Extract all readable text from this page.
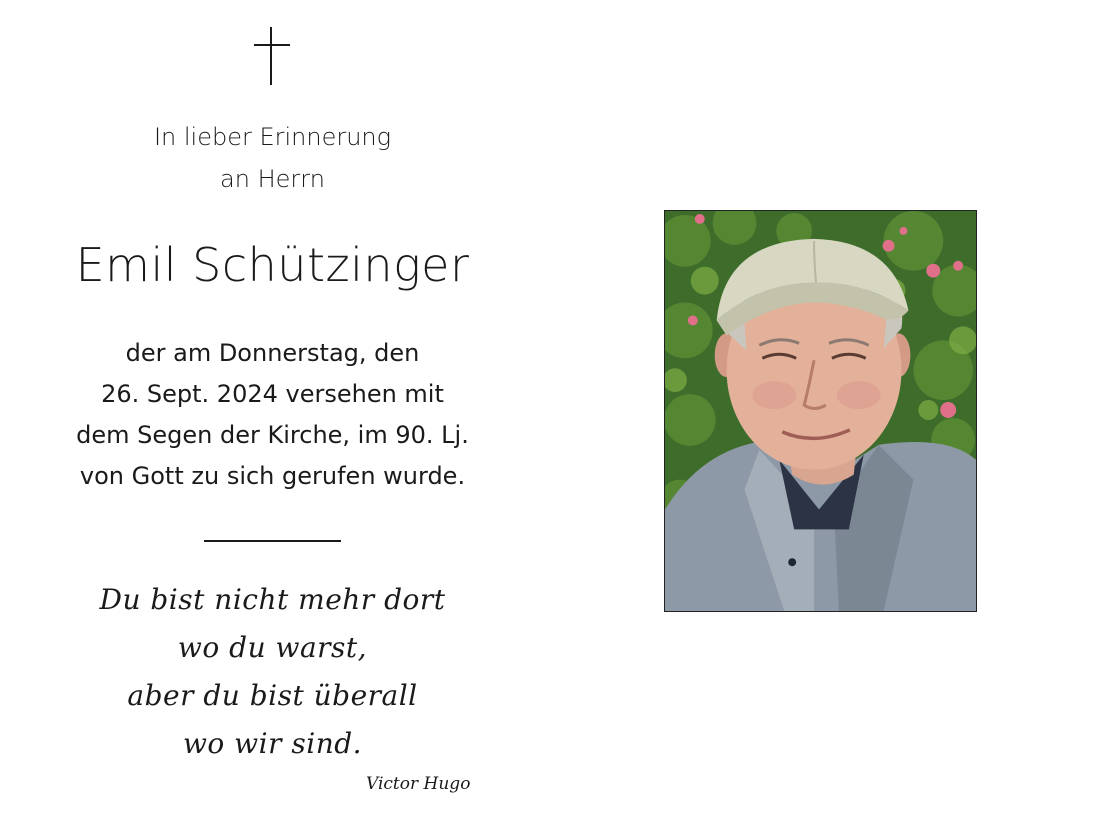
In lieber Erinnerung
an Herrn
Emil Schützinger
der am Donnerstag, den
26. Sept. 2024 versehen mit
dem Segen der Kirche, im 90. Lj.
von Gott zu sich gerufen wurde.
Du bist nicht mehr dort
wo du warst,
aber du bist überall
wo wir sind.
Victor Hugo
